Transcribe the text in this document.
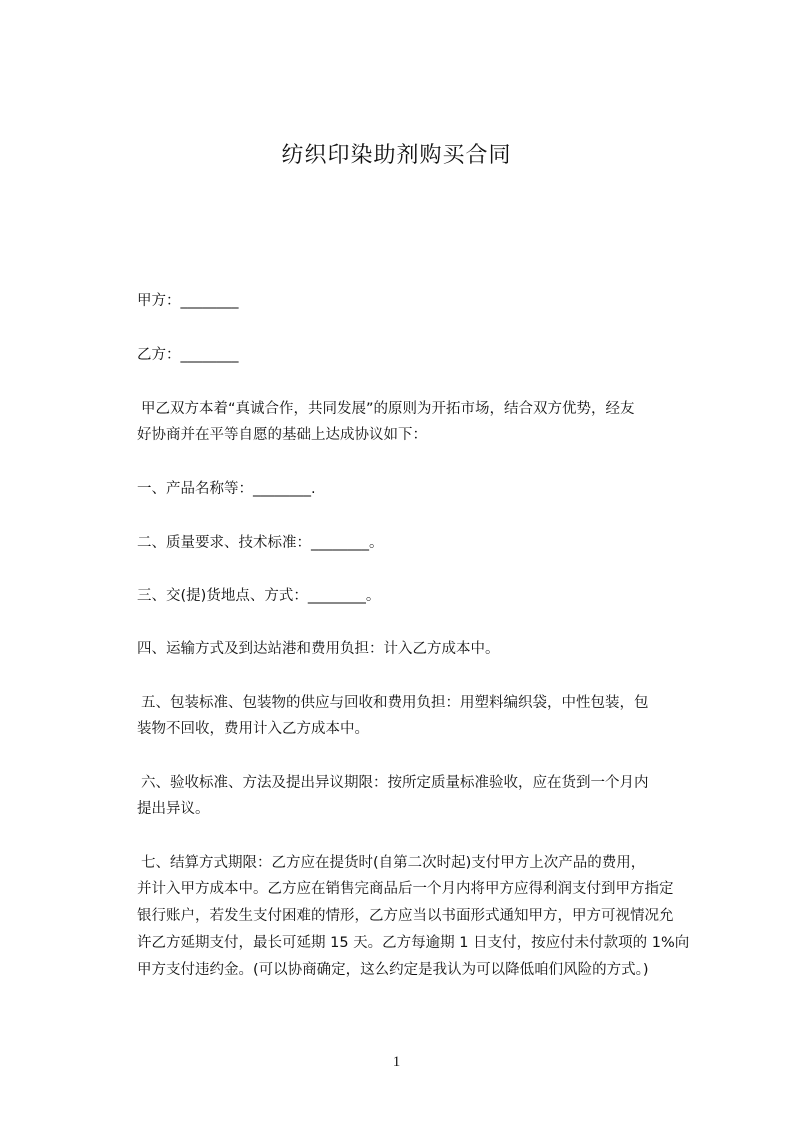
纺织印染助剂购买合同
甲方：________
乙方：________
甲乙双方本着“真诚合作，共同发展”的原则为开拓市场，结合双方优势，经友
好协商并在平等自愿的基础上达成协议如下：
一、产品名称等：________.
二、质量要求、技术标准：________。
三、交(提)货地点、方式：________。
四、运输方式及到达站港和费用负担：计入乙方成本中。
五、包装标准、包装物的供应与回收和费用负担：用塑料编织袋，中性包装，包
装物不回收，费用计入乙方成本中。
六、验收标准、方法及提出异议期限：按所定质量标准验收，应在货到一个月内
提出异议。
七、结算方式期限：乙方应在提货时(自第二次时起)支付甲方上次产品的费用，
并计入甲方成本中。乙方应在销售完商品后一个月内将甲方应得利润支付到甲方指定
银行账户，若发生支付困难的情形，乙方应当以书面形式通知甲方，甲方可视情况允
许乙方延期支付，最长可延期 15 天。乙方每逾期 1 日支付，按应付未付款项的 1%向
甲方支付违约金。(可以协商确定，这么约定是我认为可以降低咱们风险的方式。)
1
